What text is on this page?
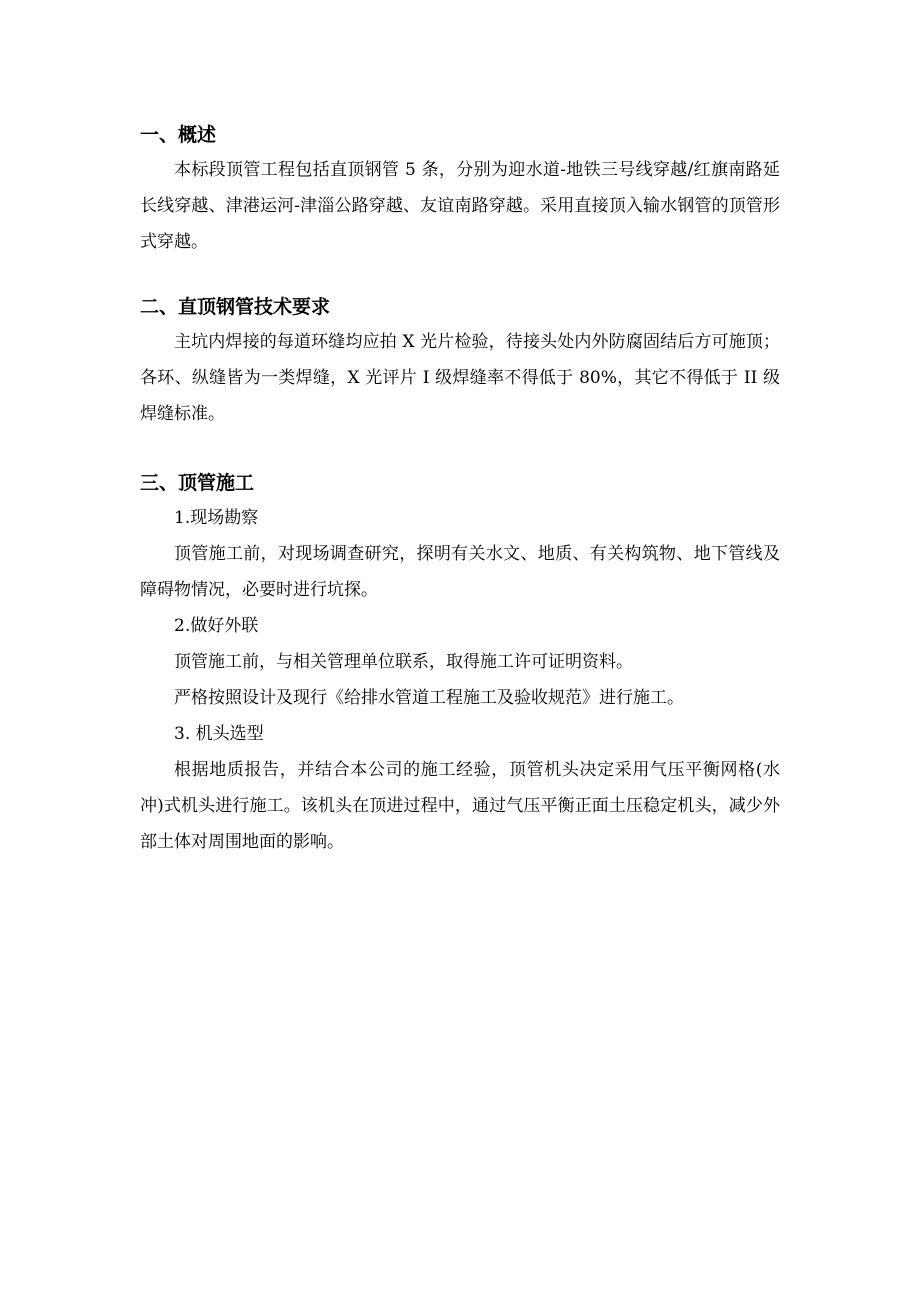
一、概述

本标段顶管工程包括直顶钢管 5 条，分别为迎水道-地铁三号线穿越/红旗南路延长线穿越、津港运河-津淄公路穿越、友谊南路穿越。采用直接顶入输水钢管的顶管形式穿越。

二、直顶钢管技术要求

主坑内焊接的每道环缝均应拍 X 光片检验，待接头处内外防腐固结后方可施顶；各环、纵缝皆为一类焊缝，X 光评片 I 级焊缝率不得低于 80%，其它不得低于 II 级焊缝标准。

三、顶管施工

1.现场勘察

顶管施工前，对现场调查研究，探明有关水文、地质、有关构筑物、地下管线及障碍物情况，必要时进行坑探。

2.做好外联

顶管施工前，与相关管理单位联系，取得施工许可证明资料。

严格按照设计及现行《给排水管道工程施工及验收规范》进行施工。

3. 机头选型

根据地质报告，并结合本公司的施工经验，顶管机头决定采用气压平衡网格(水冲)式机头进行施工。该机头在顶进过程中，通过气压平衡正面土压稳定机头，减少外部土体对周围地面的影响。
